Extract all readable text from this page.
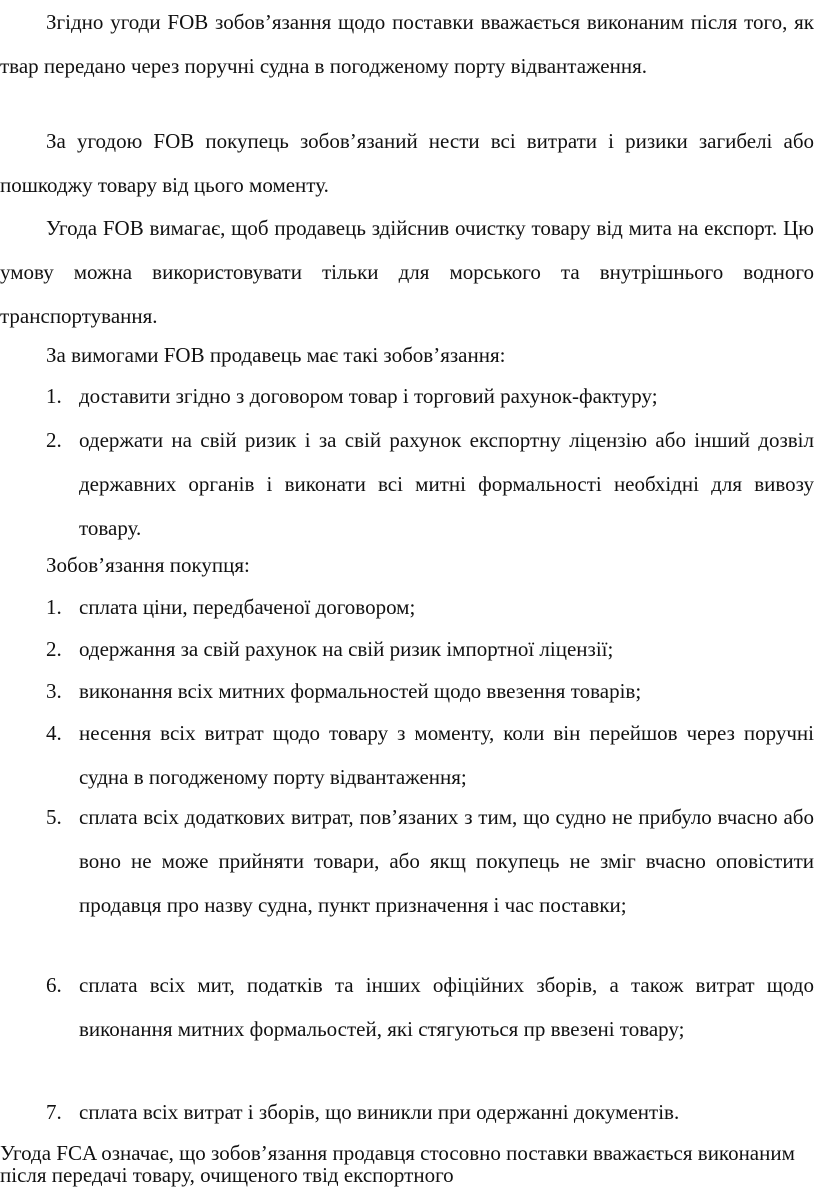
Згідно угоди FOB зобов’язання щодо поставки вважається виконаним після того, як твар передано через поручні судна в погодженому порту відвантаження.

За угодою FOB покупець зобов’язаний нести всі витрати і ризики загибелі або пошкоджу товару від цього моменту.

Угода FOB вимагає, щоб продавець здійснив очистку товару від мита на експорт. Цю умову можна використовувати тільки для морського та внутрішнього водного транспортування.

За вимогами FOB продавець має такі зобов’язання:

1. доставити згідно з договором товар і торговий рахунок-фактуру;
2. одержати на свій ризик і за свій рахунок експортну ліцензію або інший дозвіл державних органів і виконати всі митні формальності необхідні для вивозу товару.

Зобов’язання покупця:

1. сплата ціни, передбаченої договором;
2. одержання за свій рахунок на свій ризик імпортної ліцензії;
3. виконання всіх митних формальностей щодо ввезення товарів;
4. несення всіх витрат щодо товару з моменту, коли він перейшов через поручні судна в погодженому порту відвантаження;
5. сплата всіх додаткових витрат, пов’язаних з тим, що судно не прибуло вчасно або воно не може прийняти товари, або якщ покупець не зміг вчасно оповістити продавця про назву судна, пункт призначення і час поставки;
6. сплата всіх мит, податків та інших офіційних зборів, а також витрат щодо виконання митних формальостей, які стягуються пр ввезені товару;
7. сплата всіх витрат і зборів, що виникли при одержанні документів.

Угода FCA означає, що зобов’язання продавця стосовно поставки вважається виконаним після передачі товару, очищеного твід експортного
